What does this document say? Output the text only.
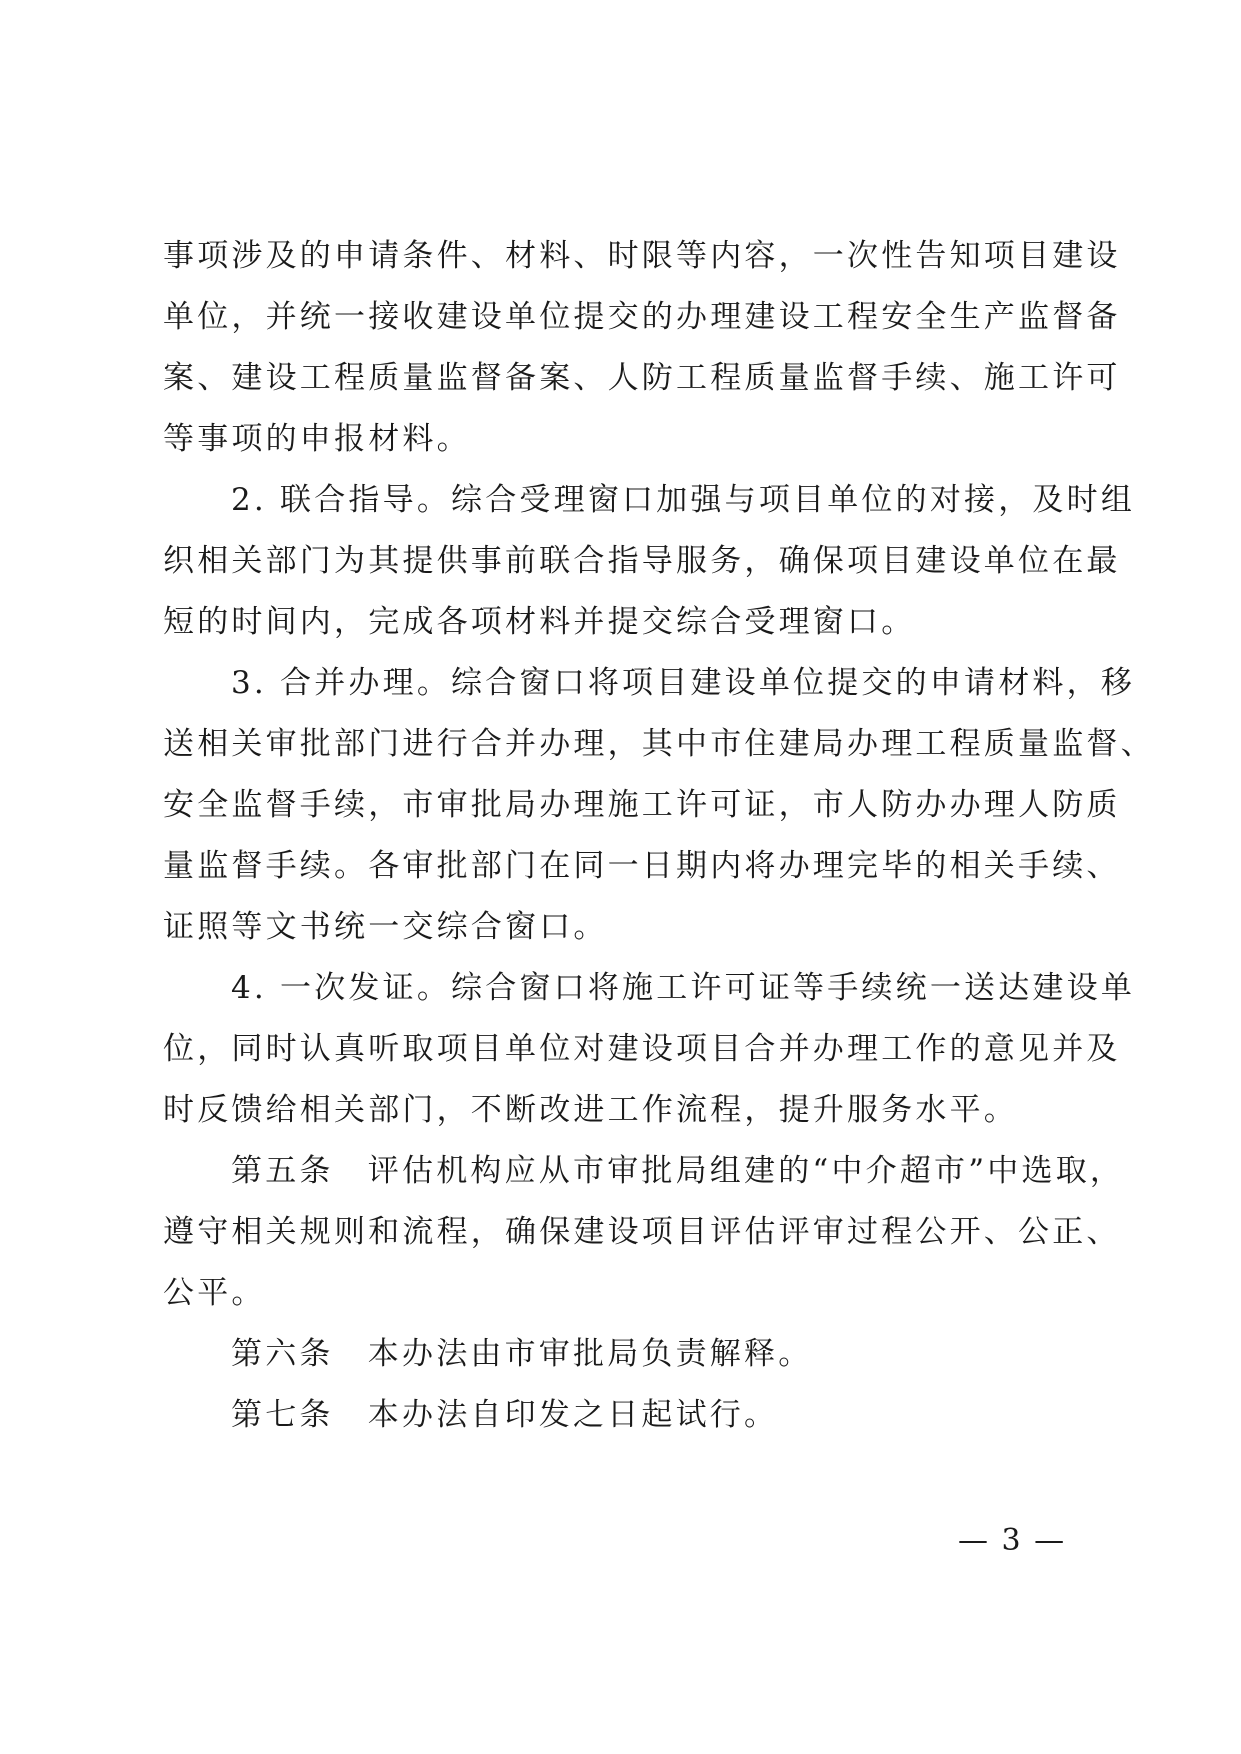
事项涉及的申请条件、材料、时限等内容，一次性告知项目建设
单位，并统一接收建设单位提交的办理建设工程安全生产监督备
案、建设工程质量监督备案、人防工程质量监督手续、施工许可
等事项的申报材料。
2. 联合指导。综合受理窗口加强与项目单位的对接，及时组
织相关部门为其提供事前联合指导服务，确保项目建设单位在最
短的时间内，完成各项材料并提交综合受理窗口。
3. 合并办理。综合窗口将项目建设单位提交的申请材料，移
送相关审批部门进行合并办理，其中市住建局办理工程质量监督、
安全监督手续，市审批局办理施工许可证，市人防办办理人防质
量监督手续。各审批部门在同一日期内将办理完毕的相关手续、
证照等文书统一交综合窗口。
4. 一次发证。综合窗口将施工许可证等手续统一送达建设单
位，同时认真听取项目单位对建设项目合并办理工作的意见并及
时反馈给相关部门，不断改进工作流程，提升服务水平。
第五条　评估机构应从市审批局组建的“中介超市”中选取，
遵守相关规则和流程，确保建设项目评估评审过程公开、公正、
公平。
第六条　本办法由市审批局负责解释。
第七条　本办法自印发之日起试行。
— 3 —
